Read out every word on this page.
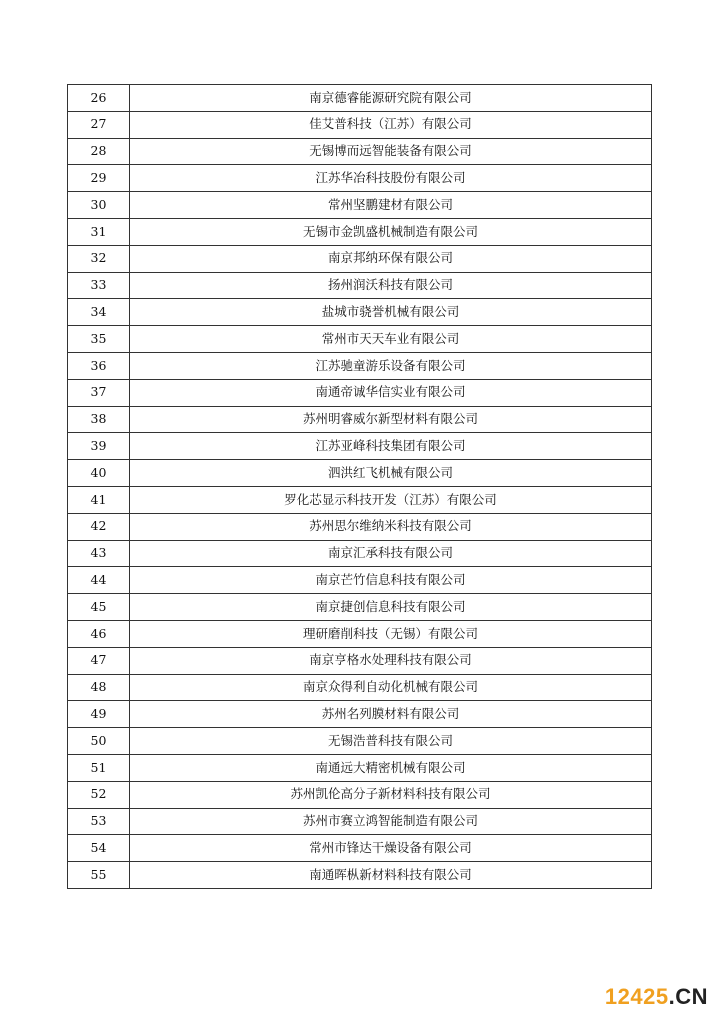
26	南京德睿能源研究院有限公司
27	佳艾普科技（江苏）有限公司
28	无锡博而远智能装备有限公司
29	江苏华冶科技股份有限公司
30	常州坚鹏建材有限公司
31	无锡市金凯盛机械制造有限公司
32	南京邦纳环保有限公司
33	扬州润沃科技有限公司
34	盐城市骁誉机械有限公司
35	常州市天天车业有限公司
36	江苏驰童游乐设备有限公司
37	南通帝诚华信实业有限公司
38	苏州明睿威尔新型材料有限公司
39	江苏亚峰科技集团有限公司
40	泗洪红飞机械有限公司
41	罗化芯显示科技开发（江苏）有限公司
42	苏州思尔维纳米科技有限公司
43	南京汇承科技有限公司
44	南京芒竹信息科技有限公司
45	南京捷创信息科技有限公司
46	理研磨削科技（无锡）有限公司
47	南京亨格水处理科技有限公司
48	南京众得利自动化机械有限公司
49	苏州名列膜材料有限公司
50	无锡浩普科技有限公司
51	南通远大精密机械有限公司
52	苏州凯伦高分子新材料科技有限公司
53	苏州市赛立鸿智能制造有限公司
54	常州市锋达干燥设备有限公司
55	南通晖枞新材料科技有限公司
12425.CN
